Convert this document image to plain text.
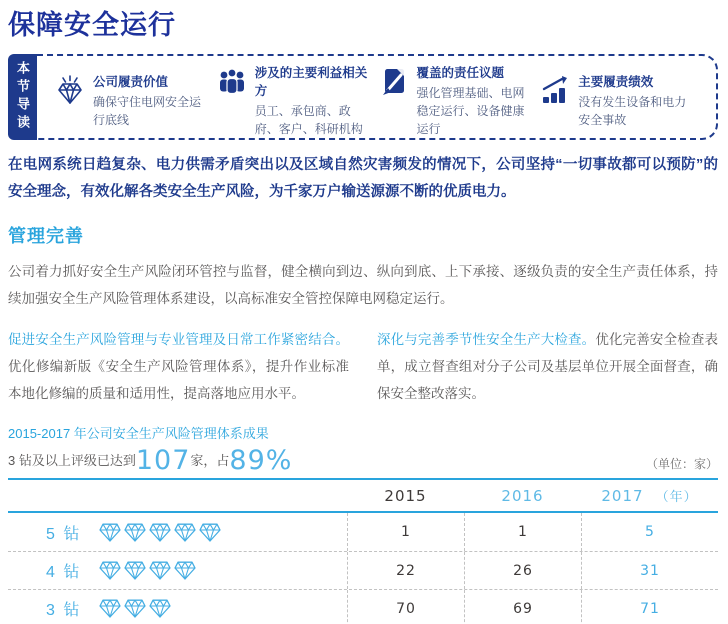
保障安全运行
本节导读	公司履责价值
确保守住电网安全运行底线
涉及的主要利益相关方
员工、承包商、政府、客户、科研机构
覆盖的责任议题
强化管理基础、电网稳定运行、设备健康运行
主要履责绩效
没有发生设备和电力安全事故

在电网系统日趋复杂、电力供需矛盾突出以及区域自然灾害频发的情况下，公司坚持“一切事故都可以预防”的安全理念，有效化解各类安全生产风险，为千家万户输送源源不断的优质电力。

管理完善

公司着力抓好安全生产风险闭环管控与监督，健全横向到边、纵向到底、上下承接、逐级负责的安全生产责任体系，持续加强安全生产风险管理体系建设，以高标准安全管控保障电网稳定运行。

促进安全生产风险管理与专业管理及日常工作紧密结合。优化修编新版《安全生产风险管理体系》，提升作业标准本地化修编的质量和适用性，提高落地应用水平。

深化与完善季节性安全生产大检查。优化完善安全检查表单，成立督查组对分子公司及基层单位开展全面督查，确保安全整改落实。

2015-2017 年公司安全生产风险管理体系成果
3 钻及以上评级已达到 107 家，占 89%	（单位：家）
2015	2016	2017 （年）
5 钻	1	1	5
4 钻	22	26	31
3 钻	70	69	71
